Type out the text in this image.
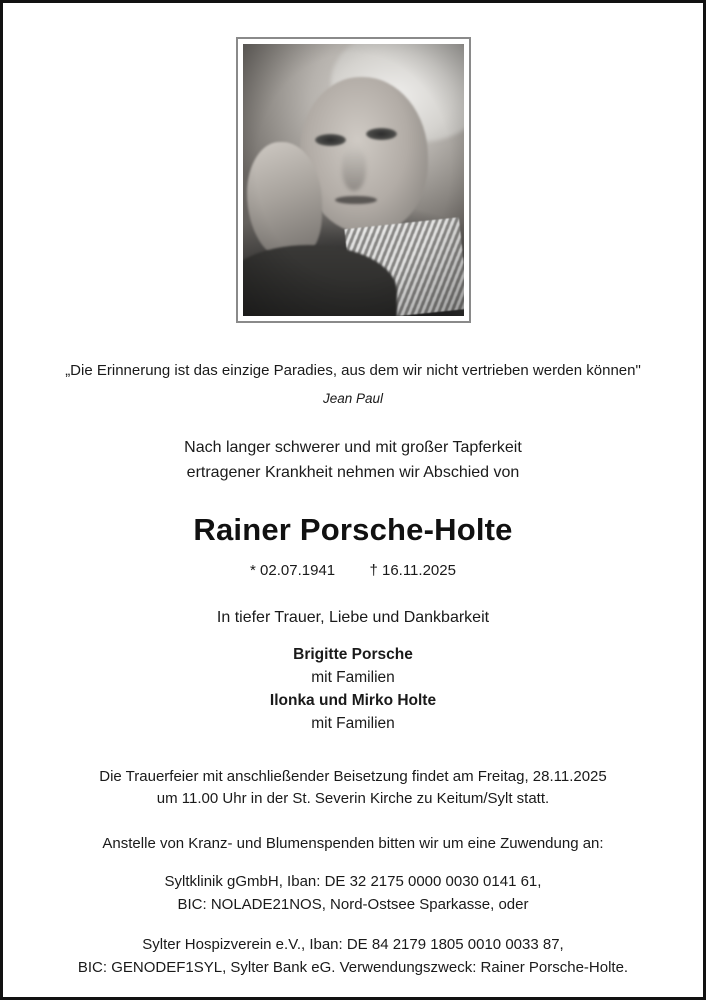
„Die Erinnerung ist das einzige Paradies, aus dem wir nicht vertrieben werden können"
Jean Paul
Nach langer schwerer und mit großer Tapferkeit
ertragener Krankheit nehmen wir Abschied von
Rainer Porsche-Holte
* 02.07.1941 † 16.11.2025
In tiefer Trauer, Liebe und Dankbarkeit
Brigitte Porsche
mit Familien
Ilonka und Mirko Holte
mit Familien
Die Trauerfeier mit anschließender Beisetzung findet am Freitag, 28.11.2025
um 11.00 Uhr in der St. Severin Kirche zu Keitum/Sylt statt.
Anstelle von Kranz- und Blumenspenden bitten wir um eine Zuwendung an:
Syltklinik gGmbH, Iban: DE 32 2175 0000 0030 0141 61,
BIC: NOLADE21NOS, Nord-Ostsee Sparkasse, oder
Sylter Hospizverein e.V., Iban: DE 84 2179 1805 0010 0033 87,
BIC: GENODEF1SYL, Sylter Bank eG. Verwendungszweck: Rainer Porsche-Holte.
